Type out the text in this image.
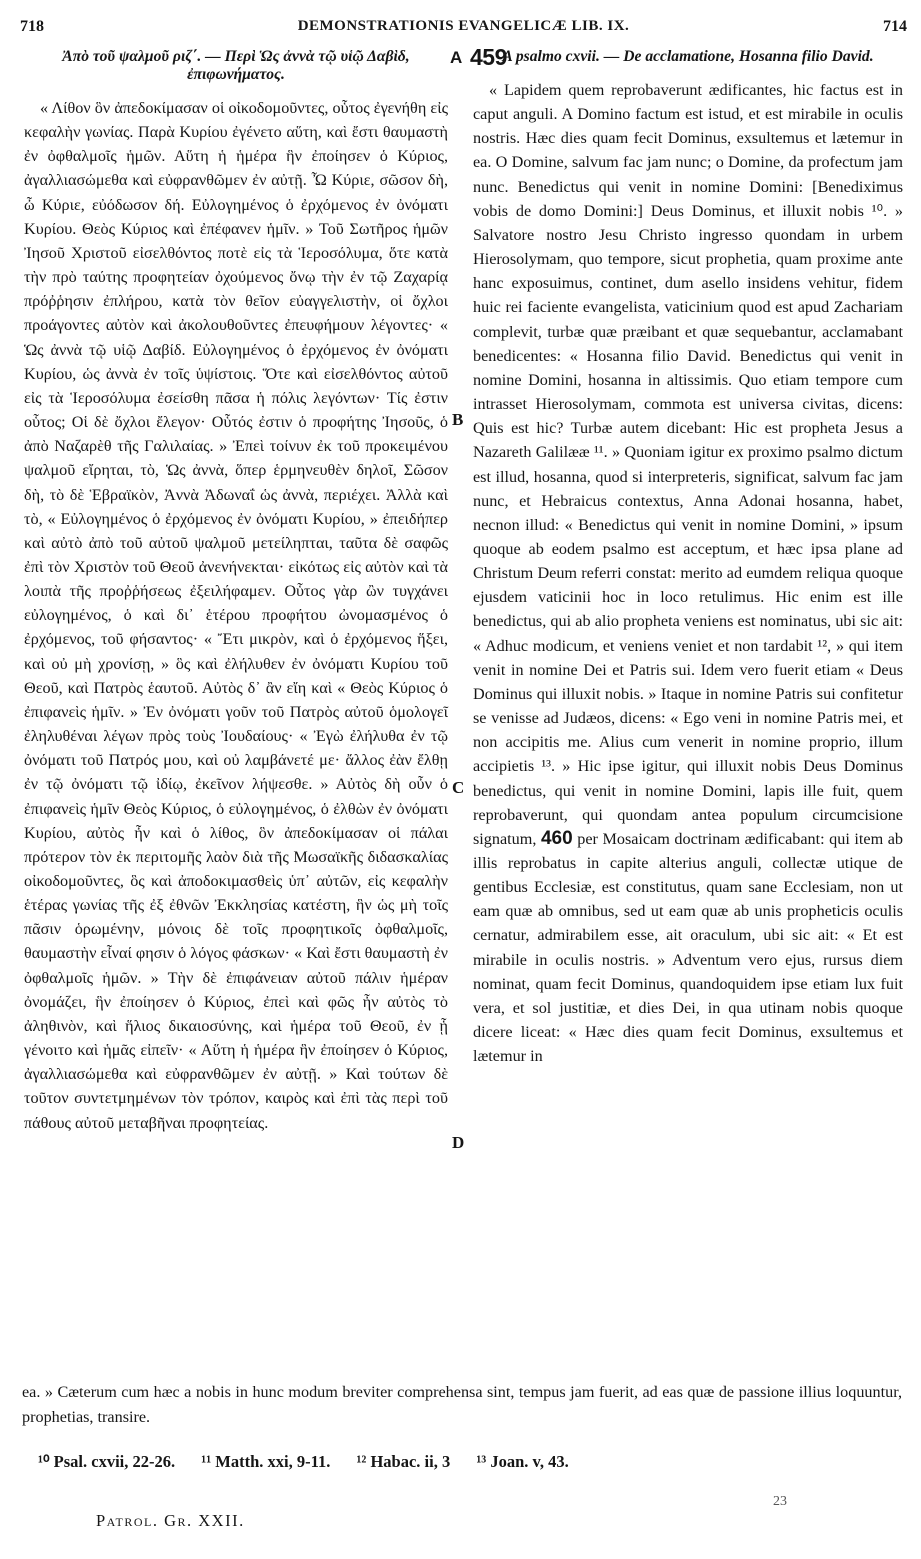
718	DEMONSTRATIONIS EVANGELICÆ LIB. IX.	714
Ἀπὸ τοῦ ψαλμοῦ ριζ΄. — Περὶ Ὡς ἀννὰ τῷ υἱῷ Δαβὶδ, ἐπιφωνήματος.

« Λίθον ὃν ἀπεδοκίμασαν οἱ οἰκοδομοῦντες, οὗτος ἐγενήθη εἰς κεφαλὴν γωνίας. Παρὰ Κυρίου ἐγένετο αὕτη, καὶ ἔστι θαυμαστὴ ἐν ὀφθαλμοῖς ἡμῶν. Αὕτη ἡ ἡμέρα ἣν ἐποίησεν ὁ Κύριος, ἀγαλλιασώμεθα καὶ εὐφρανθῶμεν ἐν αὐτῇ. Ὦ Κύριε, σῶσον δὴ, ὦ Κύριε, εὐόδωσον δή. Εὐλογημένος ὁ ἐρχόμενος ἐν ὀνόματι Κυρίου. Θεὸς Κύριος καὶ ἐπέφανεν ἡμῖν. » Τοῦ Σωτῆρος ἡμῶν Ἰησοῦ Χριστοῦ εἰσελθόντος ποτὲ εἰς τὰ Ἱεροσόλυμα, ὅτε κατὰ τὴν πρὸ ταύτης προφητείαν ὀχούμενος ὄνῳ τὴν ἐν τῷ Ζαχαρίᾳ πρόῤῥησιν ἐπλήρου, κατὰ τὸν θεῖον εὐαγγελιστὴν, οἱ ὄχλοι προάγοντες αὐτὸν καὶ ἀκολουθοῦντες ἐπευφήμουν λέγοντες· « Ὡς ἀννὰ τῷ υἱῷ Δαβίδ. Εὐλογημένος ὁ ἐρχόμενος ἐν ὀνόματι Κυρίου, ὡς ἀννὰ ἐν τοῖς ὑψίστοις. Ὅτε καὶ εἰσελθόντος αὐτοῦ εἰς τὰ Ἱεροσόλυμα ἐσείσθη πᾶσα ἡ πόλις λεγόντων· Τίς ἐστιν οὗτος; Οἱ δὲ ὄχλοι ἔλεγον· Οὗτός ἐστιν ὁ προφήτης Ἰησοῦς, ὁ ἀπὸ Ναζαρὲθ τῆς Γαλιλαίας. » Ἐπεὶ τοίνυν ἐκ τοῦ προκειμένου ψαλμοῦ εἴρηται, τὸ, Ὡς ἀννὰ, ὅπερ ἑρμηνευθὲν δηλοῖ, Σῶσον δὴ, τὸ δὲ Ἑβραϊκὸν, Ἀννὰ Ἀδωναΐ ὡς ἀννὰ, περιέχει. Ἀλλὰ καὶ τὸ, « Εὐλογημένος ὁ ἐρχόμενος ἐν ὀνόματι Κυρίου, » ἐπειδήπερ καὶ αὐτὸ ἀπὸ τοῦ αὐτοῦ ψαλμοῦ μετείληπται, ταῦτα δὲ σαφῶς ἐπὶ τὸν Χριστὸν τοῦ Θεοῦ ἀνενήνεκται· εἰκότως εἰς αὐτὸν καὶ τὰ λοιπὰ τῆς προῤῥήσεως ἐξειλήφαμεν. Οὗτος γὰρ ὢν τυγχάνει εὐλογημένος, ὁ καὶ δι᾽ ἑτέρου προφήτου ὠνομασμένος ὁ ἐρχόμενος, τοῦ φήσαντος· « Ἔτι μικρὸν, καὶ ὁ ἐρχόμενος ἥξει, καὶ οὐ μὴ χρονίσῃ, » ὃς καὶ ἐλήλυθεν ἐν ὀνόματι Κυρίου τοῦ Θεοῦ, καὶ Πατρὸς ἑαυτοῦ. Αὐτὸς δ᾽ ἂν εἴη καὶ « Θεὸς Κύριος ὁ ἐπιφανεὶς ἡμῖν. » Ἐν ὀνόματι γοῦν τοῦ Πατρὸς αὐτοῦ ὁμολογεῖ ἐληλυθέναι λέγων πρὸς τοὺς Ἰουδαίους· « Ἐγὼ ἐλήλυθα ἐν τῷ ὀνόματι τοῦ Πατρός μου, καὶ οὐ λαμβάνετέ με· ἄλλος ἐὰν ἔλθῃ ἐν τῷ ὀνόματι τῷ ἰδίῳ, ἐκεῖνον λήψεσθε. » Αὐτὸς δὴ οὖν ὁ ἐπιφανεὶς ἡμῖν Θεὸς Κύριος, ὁ εὐλογημένος, ὁ ἐλθὼν ἐν ὀνόματι Κυρίου, αὐτὸς ἦν καὶ ὁ λίθος, ὃν ἀπεδοκίμασαν οἱ πάλαι πρότερον τὸν ἐκ περιτομῆς λαὸν διὰ τῆς Μωσαϊκῆς διδασκαλίας οἰκοδομοῦντες, ὃς καὶ ἀποδοκιμασθεὶς ὑπ᾽ αὐτῶν, εἰς κεφαλὴν ἑτέρας γωνίας τῆς ἐξ ἐθνῶν Ἐκκλησίας κατέστη, ἣν ὡς μὴ τοῖς πᾶσιν ὁρωμένην, μόνοις δὲ τοῖς προφητικοῖς ὀφθαλμοῖς, θαυμαστὴν εἶναί φησιν ὁ λόγος φάσκων· « Καὶ ἔστι θαυμαστὴ ἐν ὀφθαλμοῖς ἡμῶν. » Τὴν δὲ ἐπιφάνειαν αὐτοῦ πάλιν ἡμέραν ὀνομάζει, ἣν ἐποίησεν ὁ Κύριος, ἐπεὶ καὶ φῶς ἦν αὐτὸς τὸ ἀληθινὸν, καὶ ἥλιος δικαιοσύνης, καὶ ἡμέρα τοῦ Θεοῦ, ἐν ᾗ γένοιτο καὶ ἡμᾶς εἰπεῖν· « Αὕτη ἡ ἡμέρα ἣν ἐποίησεν ὁ Κύριος, ἀγαλλιασώμεθα καὶ εὐφρανθῶμεν ἐν αὐτῇ. » Καὶ τούτων δὲ τοῦτον συντετμημένων τὸν τρόπον, καιρὸς καὶ ἐπὶ τὰς περὶ τοῦ πάθους αὐτοῦ μεταβῆναι προφητείας.

A 459
B
C
D
A psalmo cxvii. — De acclamatione, Hosanna filio David.

« Lapidem quem reprobaverunt ædificantes, hic factus est in caput anguli. A Domino factum est istud, et est mirabile in oculis nostris. Hæc dies quam fecit Dominus, exsultemus et lætemur in ea. O Domine, salvum fac jam nunc; o Domine, da profectum jam nunc. Benedictus qui venit in nomine Domini: [Benediximus vobis de domo Domini:] Deus Dominus, et illuxit nobis ¹⁰. » Salvatore nostro Jesu Christo ingresso quondam in urbem Hierosolymam, quo tempore, sicut prophetia, quam proxime ante hanc exposuimus, continet, dum asello insidens vehitur, fidem huic rei faciente evangelista, vaticinium quod est apud Zachariam complevit, turbæ quæ præibant et quæ sequebantur, acclamabant benedicentes: « Hosanna filio David. Benedictus qui venit in nomine Domini, hosanna in altissimis. Quo etiam tempore cum intrasset Hierosolymam, commota est universa civitas, dicens: Quis est hic? Turbæ autem dicebant: Hic est propheta Jesus a Nazareth Galilææ ¹¹. » Quoniam igitur ex proximo psalmo dictum est illud, hosanna, quod si interpreteris, significat, salvum fac jam nunc, et Hebraicus contextus, Anna Adonai hosanna, habet, necnon illud: « Benedictus qui venit in nomine Domini, » ipsum quoque ab eodem psalmo est acceptum, et hæc ipsa plane ad Christum Deum referri constat: merito ad eumdem reliqua quoque ejusdem vaticinii hoc in loco retulimus. Hic enim est ille benedictus, qui ab alio propheta veniens est nominatus, ubi sic ait: « Adhuc modicum, et veniens veniet et non tardabit ¹², » qui item venit in nomine Dei et Patris sui. Idem vero fuerit etiam « Deus Dominus qui illuxit nobis. » Itaque in nomine Patris sui confitetur se venisse ad Judæos, dicens: « Ego veni in nomine Patris mei, et non accipitis me. Alius cum venerit in nomine proprio, illum accipietis ¹³. » Hic ipse igitur, qui illuxit nobis Deus Dominus benedictus, qui venit in nomine Domini, lapis ille fuit, quem reprobaverunt, qui quondam antea populum circumcisione signatum, 460 per Mosaicam doctrinam ædificabant: qui item ab illis reprobatus in capite alterius anguli, collectæ utique de gentibus Ecclesiæ, est constitutus, quam sane Ecclesiam, non ut eam quæ ab omnibus, sed ut eam quæ ab unis propheticis oculis cernatur, admirabilem esse, ait oraculum, ubi sic ait: « Et est mirabile in oculis nostris. » Adventum vero ejus, rursus diem nominat, quam fecit Dominus, quandoquidem ipse etiam lux fuit vera, et sol justitiæ, et dies Dei, in qua utinam nobis quoque dicere liceat: « Hæc dies quam fecit Dominus, exsultemus et lætemur in

ea. » Cæterum cum hæc a nobis in hunc modum breviter comprehensa sint, tempus jam fuerit, ad eas quæ de passione illius loquuntur, prophetias, transire.

¹⁰ Psal. cxvii, 22-26. ¹¹ Matth. xxi, 9-11. ¹² Habac. ii, 3 ¹³ Joan. v, 43.
Patrol. Gr. XXII.
23
